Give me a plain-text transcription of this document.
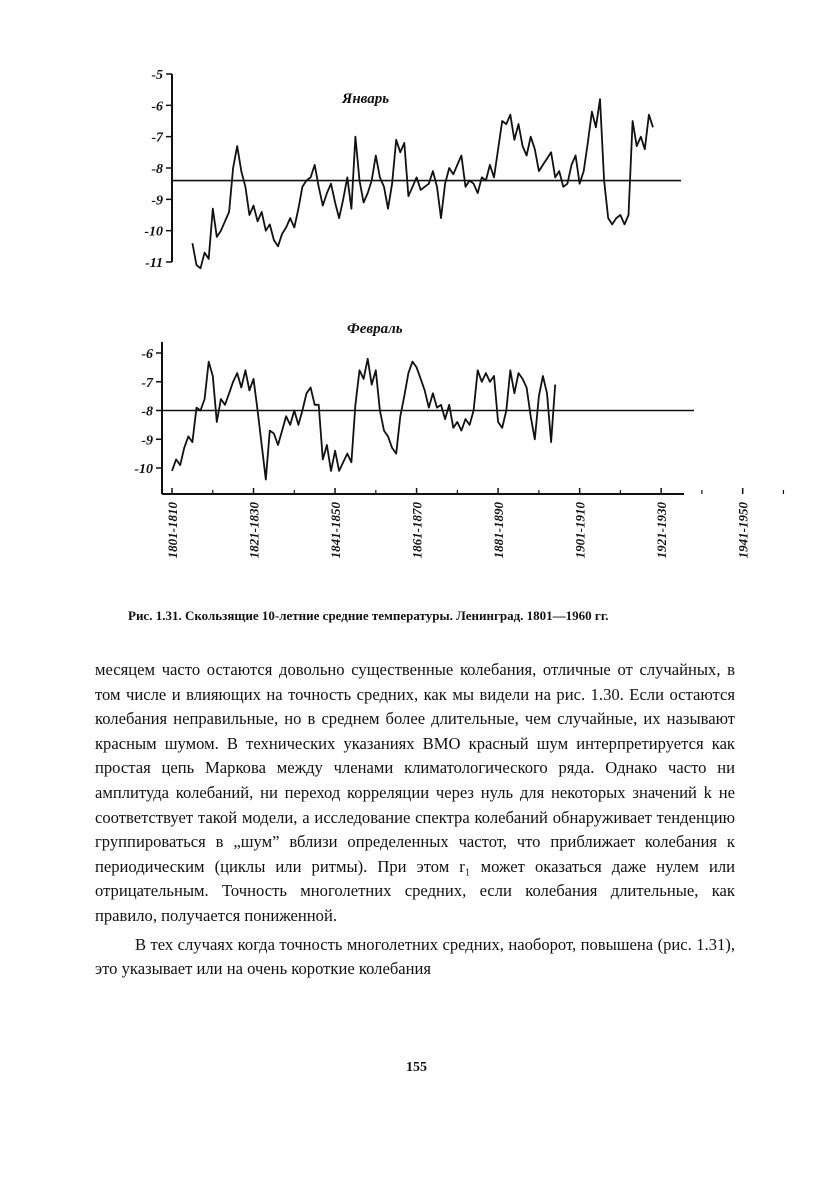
Январь
-5
-6
-7
-8
-9
-10
-11
Февраль
-6
-7
-8
-9
-10
1801-1810	1821-1830	1841-1850	1861-1870	1881-1890	1901-1910	1921-1930	1941-1950
Рис. 1.31. Скользящие 10-летние средние температуры. Ленинград. 1801—1960 гг.

месяцем часто остаются довольно существенные колебания, отличные от случайных, в том числе и влияющих на точность средних, как мы видели на рис. 1.30. Если остаются колебания неправильные, но в среднем более длительные, чем случайные, их называют красным шумом. В технических указаниях ВМО красный шум интерпретируется как простая цепь Маркова между членами климатологического ряда. Однако часто ни амплитуда колебаний, ни переход корреляции через нуль для некоторых значений k не соответствует такой модели, а исследование спектра колебаний обнаруживает тенденцию группироваться в „шум” вблизи определенных частот, что приближает колебания к периодическим (циклы или ритмы). При этом r₁ может оказаться даже нулем или отрицательным. Точность многолетних средних, если колебания длительные, как правило, получается пониженной.

В тех случаях когда точность многолетних средних, наоборот, повышена (рис. 1.31), это указывает или на очень короткие колебания

155
